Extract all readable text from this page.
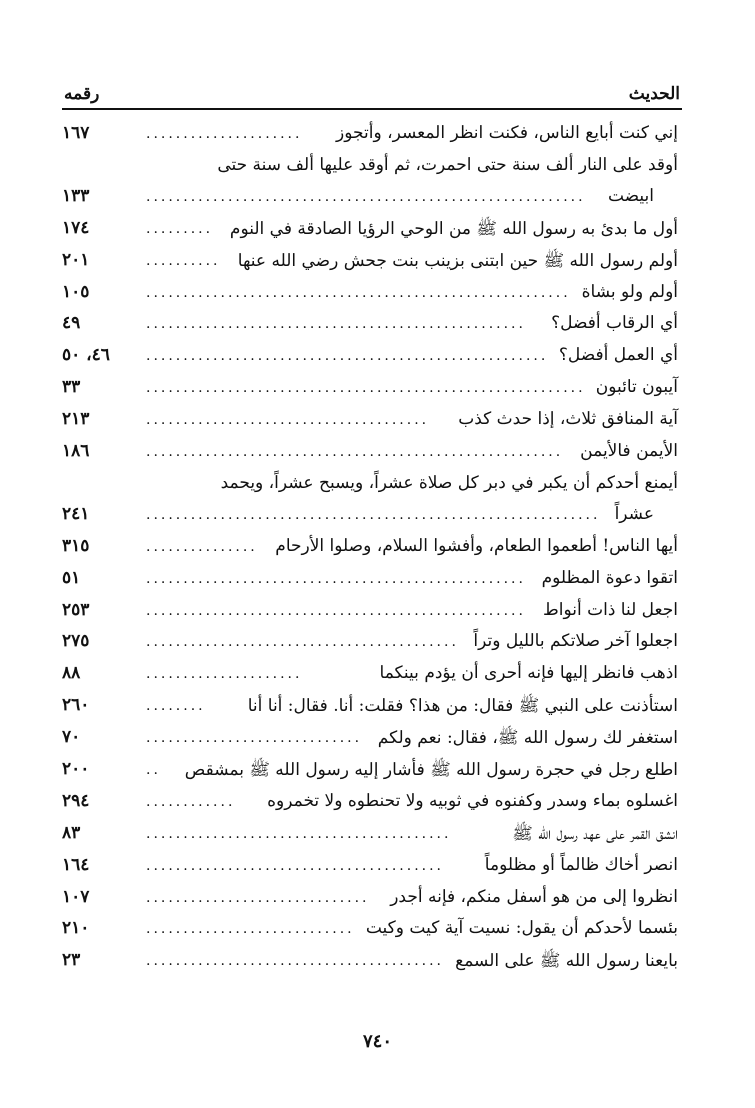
الحديث
رقمه
إني كنت أبايع الناس، فكنت انظر المعسر، وأتجوز
.....................
١٦٧
أوقد على النار ألف سنة حتى احمرت، ثم أوقد عليها ألف سنة حتى
ابيضت
...........................................................
١٣٣
أول ما بدئ به رسول الله ﷺ من الوحي الرؤيا الصادقة في النوم
.........
١٧٤
أولم رسول الله ﷺ حين ابتنى بزينب بنت جحش رضي الله عنها
..........
٢٠١
أولم ولو بشاة
.........................................................
١٠٥
أي الرقاب أفضل؟
...................................................
٤٩
أي العمل أفضل؟
......................................................
٤٦، ٥٠
آيبون تائبون
...........................................................
٣٣
آية المنافق ثلاث، إذا حدث كذب
......................................
٢١٣
الأيمن فالأيمن
........................................................
١٨٦
أيمنع أحدكم أن يكبر في دبر كل صلاة عشراً، ويسبح عشراً، ويحمد
عشراً
.............................................................
٢٤١
أيها الناس! أطعموا الطعام، وأفشوا السلام، وصلوا الأرحام
...............
٣١٥
اتقوا دعوة المظلوم
...................................................
٥١
اجعل لنا ذات أنواط
...................................................
٢٥٣
اجعلوا آخر صلاتكم بالليل وتراً
..........................................
٢٧٥
اذهب فانظر إليها فإنه أحرى أن يؤدم بينكما
.....................
٨٨
استأذنت على النبي ﷺ فقال: من هذا؟ فقلت: أنا. فقال: أنا أنا
........
٢٦٠
استغفر لك رسول الله ﷺ، فقال: نعم ولكم
.............................
٧٠
اطلع رجل في حجرة رسول الله ﷺ فأشار إليه رسول الله ﷺ بمشقص
..
٢٠٠
اغسلوه بماء وسدر وكفنوه في ثوبيه ولا تحنطوه ولا تخمروه
............
٢٩٤
انشق القمر على عهد رسول الله ﷺ
.........................................
٨٣
انصر أخاك ظالماً أو مظلوماً
........................................
١٦٤
انظروا إلى من هو أسفل منكم، فإنه أجدر
..............................
١٠٧
بئسما لأحدكم أن يقول: نسيت آية كيت وكيت
............................
٢١٠
بايعنا رسول الله ﷺ على السمع
........................................
٢٣
٧٤٠
